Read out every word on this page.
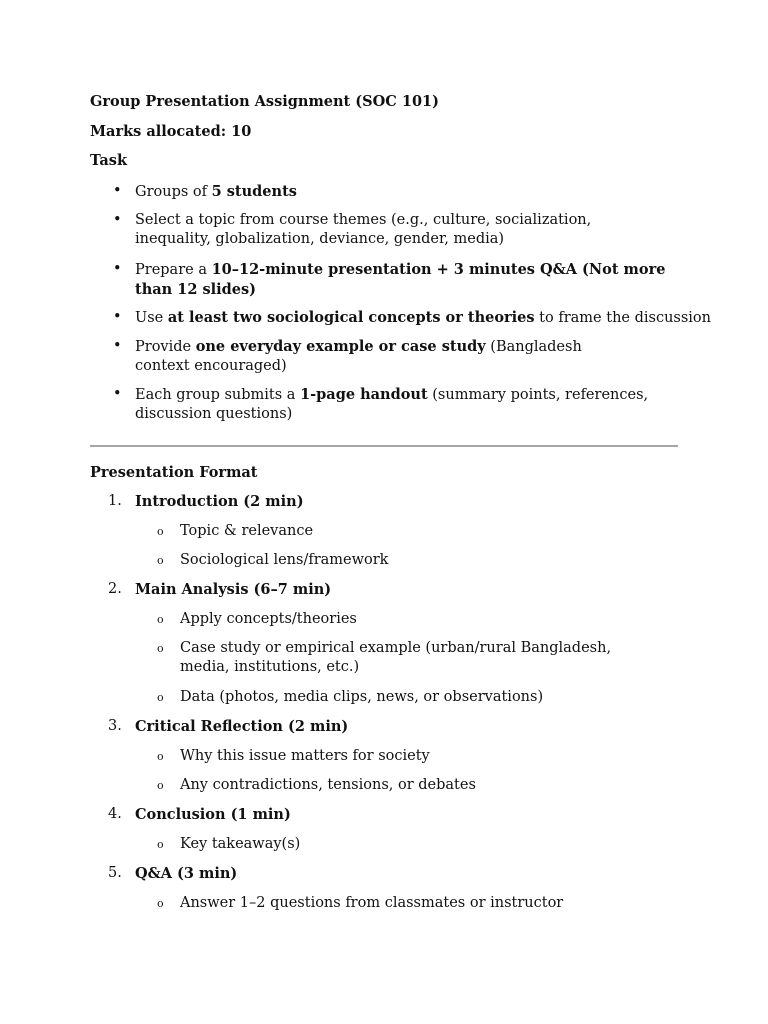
Group Presentation Assignment (SOC 101)
Marks allocated: 10
Task
• Groups of 5 students
• Select a topic from course themes (e.g., culture, socialization, inequality, globalization, deviance, gender, media)
• Prepare a 10–12-minute presentation + 3 minutes Q&A (Not more than 12 slides)
• Use at least two sociological concepts or theories to frame the discussion
• Provide one everyday example or case study (Bangladesh context encouraged)
• Each group submits a 1-page handout (summary points, references, discussion questions)
Presentation Format
1. Introduction (2 min)
o Topic & relevance
o Sociological lens/framework
2. Main Analysis (6–7 min)
o Apply concepts/theories
o Case study or empirical example (urban/rural Bangladesh, media, institutions, etc.)
o Data (photos, media clips, news, or observations)
3. Critical Reflection (2 min)
o Why this issue matters for society
o Any contradictions, tensions, or debates
4. Conclusion (1 min)
o Key takeaway(s)
5. Q&A (3 min)
o Answer 1–2 questions from classmates or instructor
